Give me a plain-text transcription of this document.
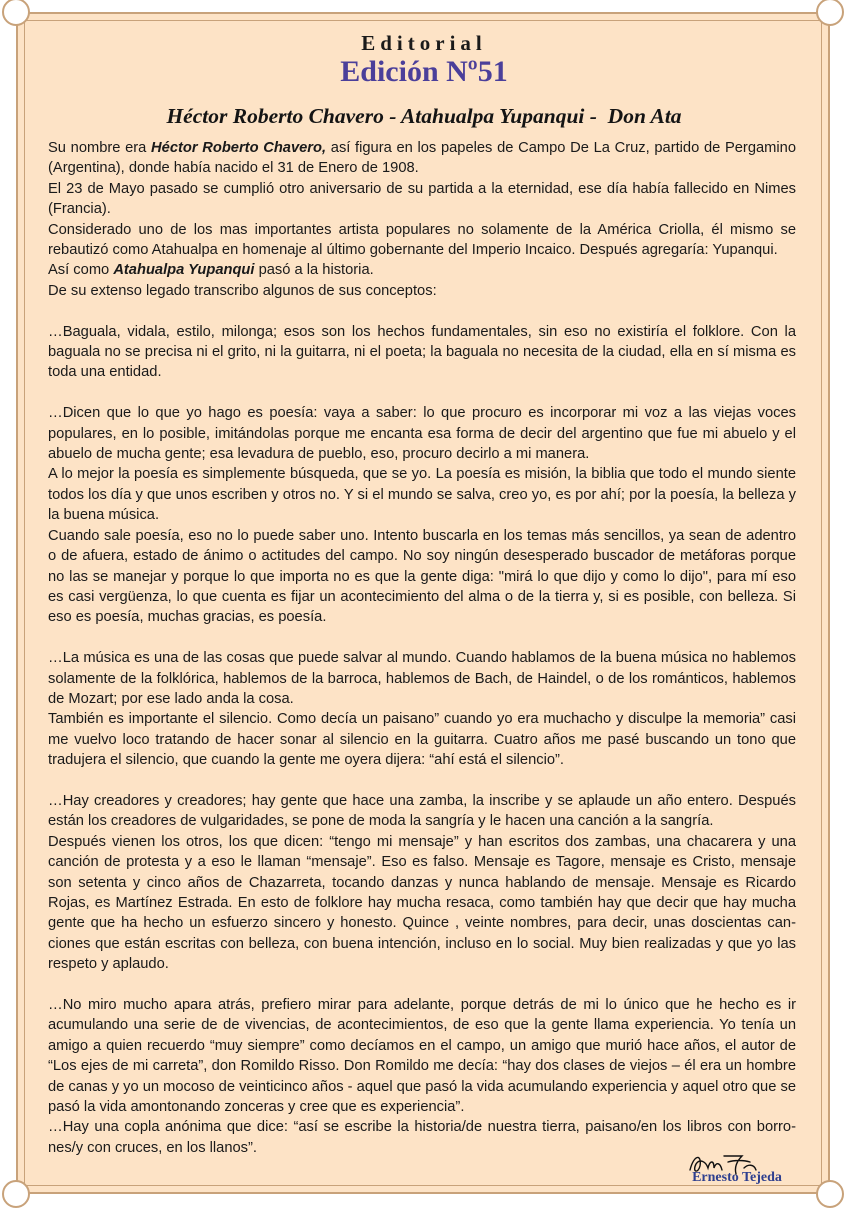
Editorial
Edición Nº51
Héctor Roberto Chavero - Atahualpa Yupanqui -  Don Ata

Su nombre era Héctor Roberto Chavero, así figura en los papeles de Campo De La Cruz, partido de Pergamino (Argentina), donde había nacido el 31 de Enero de 1908.

El 23 de Mayo pasado se cumplió otro aniversario de su partida a la eternidad, ese día había fallecido en Nimes (Francia).

Considerado uno de los mas importantes artista populares no solamente de la América Criolla, él mismo se rebautizó como Atahualpa en homenaje al último gobernante del Imperio Incaico. Después agregaría: Yupanqui.

Así como Atahualpa Yupanqui pasó a la historia.

De su extenso legado transcribo algunos de sus conceptos:

…Baguala, vidala, estilo, milonga; esos son los hechos fundamentales, sin eso no existiría el folklore. Con la baguala no se precisa ni el grito, ni la guitarra, ni el poeta; la baguala no necesita de la ciudad, ella en sí misma es toda una entidad.

…Dicen que lo que yo hago es poesía: vaya a saber: lo que procuro es incorporar mi voz a las viejas voces populares, en lo posible, imitándolas porque me encanta esa forma de decir del argentino que fue mi abuelo y el abuelo de mucha gente; esa levadura de pueblo, eso, procuro decirlo a mi manera.

A lo mejor la poesía es simplemente búsqueda, que se yo. La poesía es misión, la biblia que todo el mundo siente todos los día y que unos escriben y otros no. Y si el mundo se salva, creo yo, es por ahí; por la poesía, la belleza y la buena música.

Cuando sale poesía, eso no lo puede saber uno. Intento buscarla en los temas más sencillos, ya sean de adentro o de afuera, estado de ánimo o actitudes del campo. No soy ningún desesperado buscador de metáforas porque no las se manejar y porque lo que importa no es que la gente diga: "mirá lo que dijo y como lo dijo", para mí eso es casi vergüenza, lo que cuenta es fijar un acontecimiento del alma o de la tierra y, si es posible, con belleza. Si eso es poesía, muchas gracias, es poesía.

…La música es una de las cosas que puede salvar al mundo. Cuando hablamos de la buena música no hablemos solamente de la folklórica, hablemos de la barroca, hablemos de Bach, de Haindel, o de los románticos, hablemos de Mozart; por ese lado anda la cosa.

También es importante el silencio. Como decía un paisano” cuando yo era muchacho y disculpe la memoria” casi me vuelvo loco tratando de hacer sonar al silencio en la guitarra. Cuatro años me pasé buscando un tono que tradujera el silencio, que cuando la gente me oyera dijera: “ahí está el silencio”.

…Hay creadores y creadores; hay gente que hace una zamba, la inscribe y se aplaude un año entero. Después están los creadores de vulgaridades, se pone de moda la sangría y le hacen una canción a la sangría.

Después vienen los otros, los que dicen: “tengo mi mensaje” y han escritos dos zambas, una chacarera y una canción de protesta y a eso le llaman “mensaje”. Eso es falso. Mensaje es Tagore, mensaje es Cristo, mensaje son setenta y cinco años de Chazarreta, tocando danzas y nunca hablando de mensaje. Mensaje es Ricardo Rojas, es Martínez Estrada. En esto de folklore hay mucha resaca, como también hay que decir que hay mucha gente que ha hecho un esfuerzo sincero y honesto. Quince , veinte nombres, para decir, unas doscientas canciones que están escritas con belleza, con buena intención, incluso en lo social. Muy bien realizadas y que yo las respeto y aplaudo.

…No miro mucho apara atrás, prefiero mirar para adelante, porque detrás de mi lo único que he hecho es ir acumulando una serie de de vivencias, de acontecimientos, de eso que la gente llama experiencia. Yo tenía un amigo a quien recuerdo “muy siempre” como decíamos en el campo, un amigo que murió hace años, el autor de “Los ejes de mi carreta”, don Romildo Risso. Don Romildo me decía: “hay dos clases de viejos – él era un hombre de canas y yo un mocoso de veinticinco años - aquel que pasó la vida acumulando experiencia y aquel otro que se pasó la vida amontonando zonceras y cree que es experiencia”.

…Hay una copla anónima que dice: “así se escribe la historia/de nuestra tierra, paisano/en los libros con borrones/y con cruces, en los llanos”.

Ernesto Tejeda
